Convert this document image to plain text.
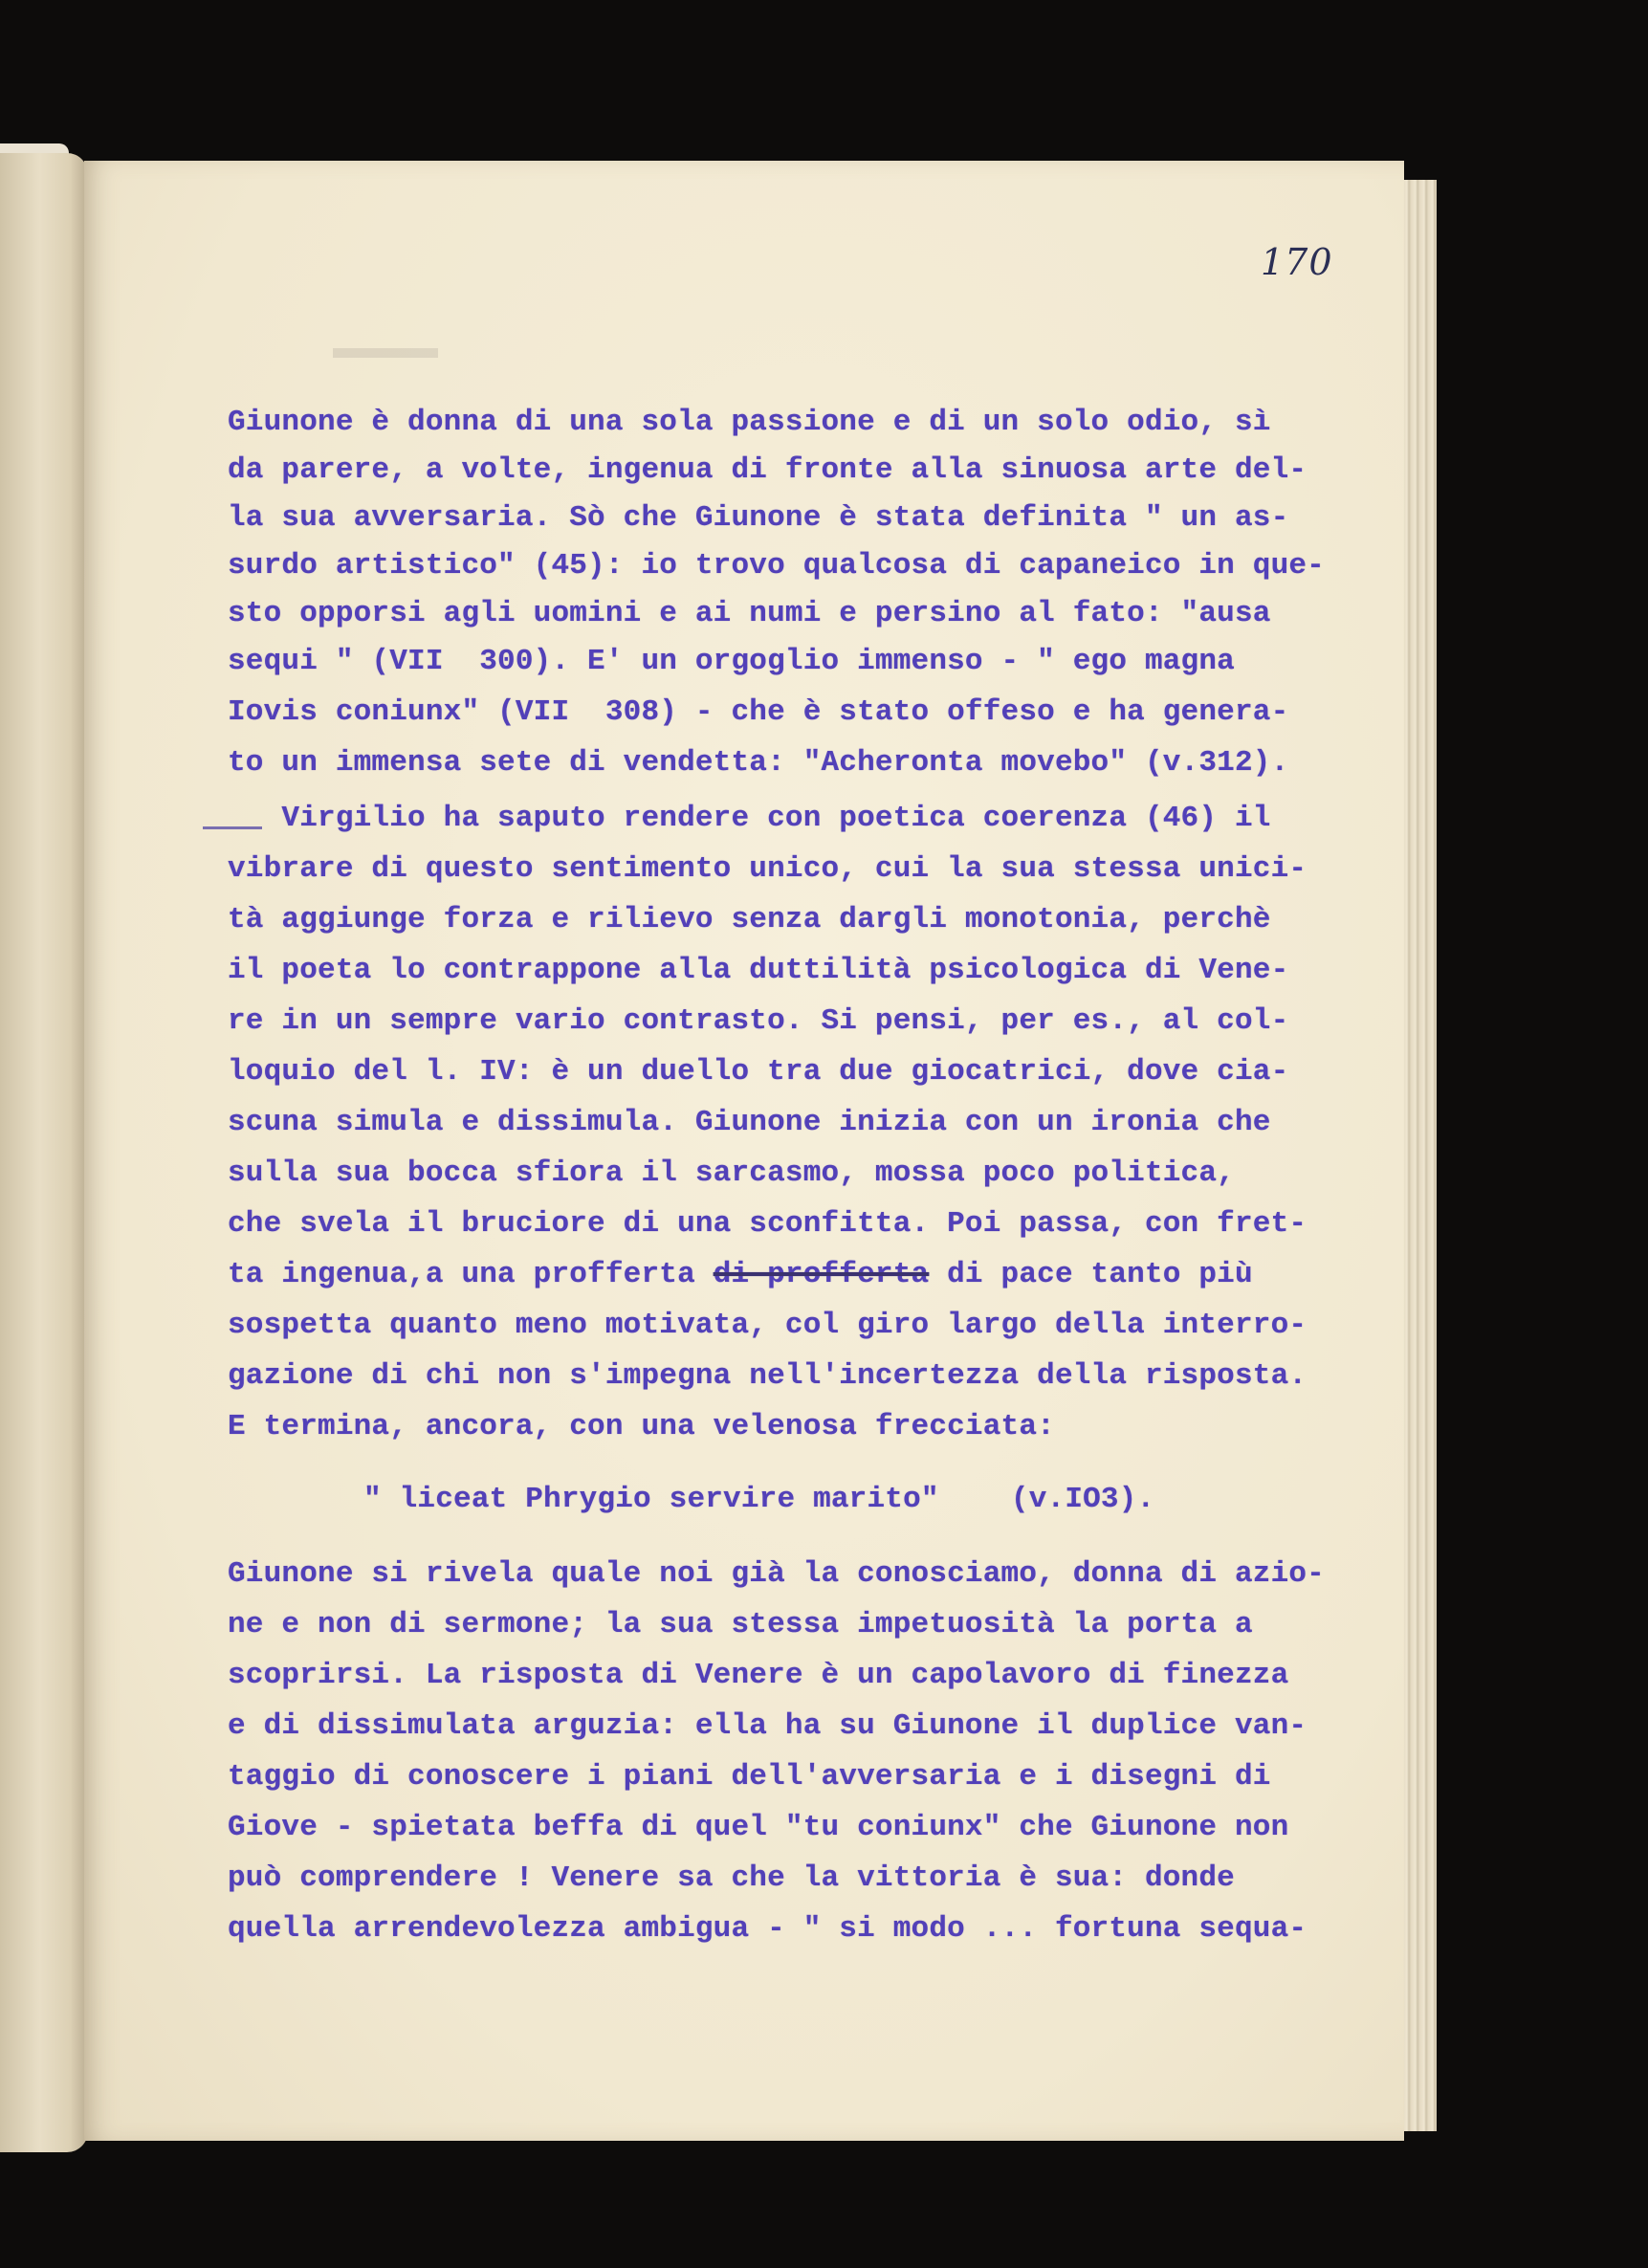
170
Giunone è donna di una sola passione e di un solo odio, sì
da parere, a volte, ingenua di fronte alla sinuosa arte del-
la sua avversaria. Sò che Giunone è stata definita " un as-
surdo artistico" (45): io trovo qualcosa di capaneico in que-
sto opporsi agli uomini e ai numi e persino al fato: "ausa
sequi " (VII  300). E' un orgoglio immenso - " ego magna
Iovis coniunx" (VII  308) - che è stato offeso e ha genera-
to un immensa sete di vendetta: "Acheronta movebo" (v.312).
Virgilio ha saputo rendere con poetica coerenza (46) il
vibrare di questo sentimento unico, cui la sua stessa unici-
tà aggiunge forza e rilievo senza dargli monotonia, perchè
il poeta lo contrappone alla duttilità psicologica di Vene-
re in un sempre vario contrasto. Si pensi, per es., al col-
loquio del l. IV: è un duello tra due giocatrici, dove cia-
scuna simula e dissimula. Giunone inizia con un ironia che
sulla sua bocca sfiora il sarcasmo, mossa poco politica,
che svela il bruciore di una sconfitta. Poi passa, con fret-
ta ingenua,a una profferta di profferta di pace tanto più
sospetta quanto meno motivata, col giro largo della interro-
gazione di chi non s'impegna nell'incertezza della risposta.
E termina, ancora, con una velenosa frecciata:
" liceat Phrygio servire marito"    (v.IO3).
Giunone si rivela quale noi già la conosciamo, donna di azio-
ne e non di sermone; la sua stessa impetuosità la porta a
scoprirsi. La risposta di Venere è un capolavoro di finezza
e di dissimulata arguzia: ella ha su Giunone il duplice van-
taggio di conoscere i piani dell'avversaria e i disegni di
Giove - spietata beffa di quel "tu coniunx" che Giunone non
può comprendere ! Venere sa che la vittoria è sua: donde
quella arrendevolezza ambigua - " si modo ... fortuna sequa-
